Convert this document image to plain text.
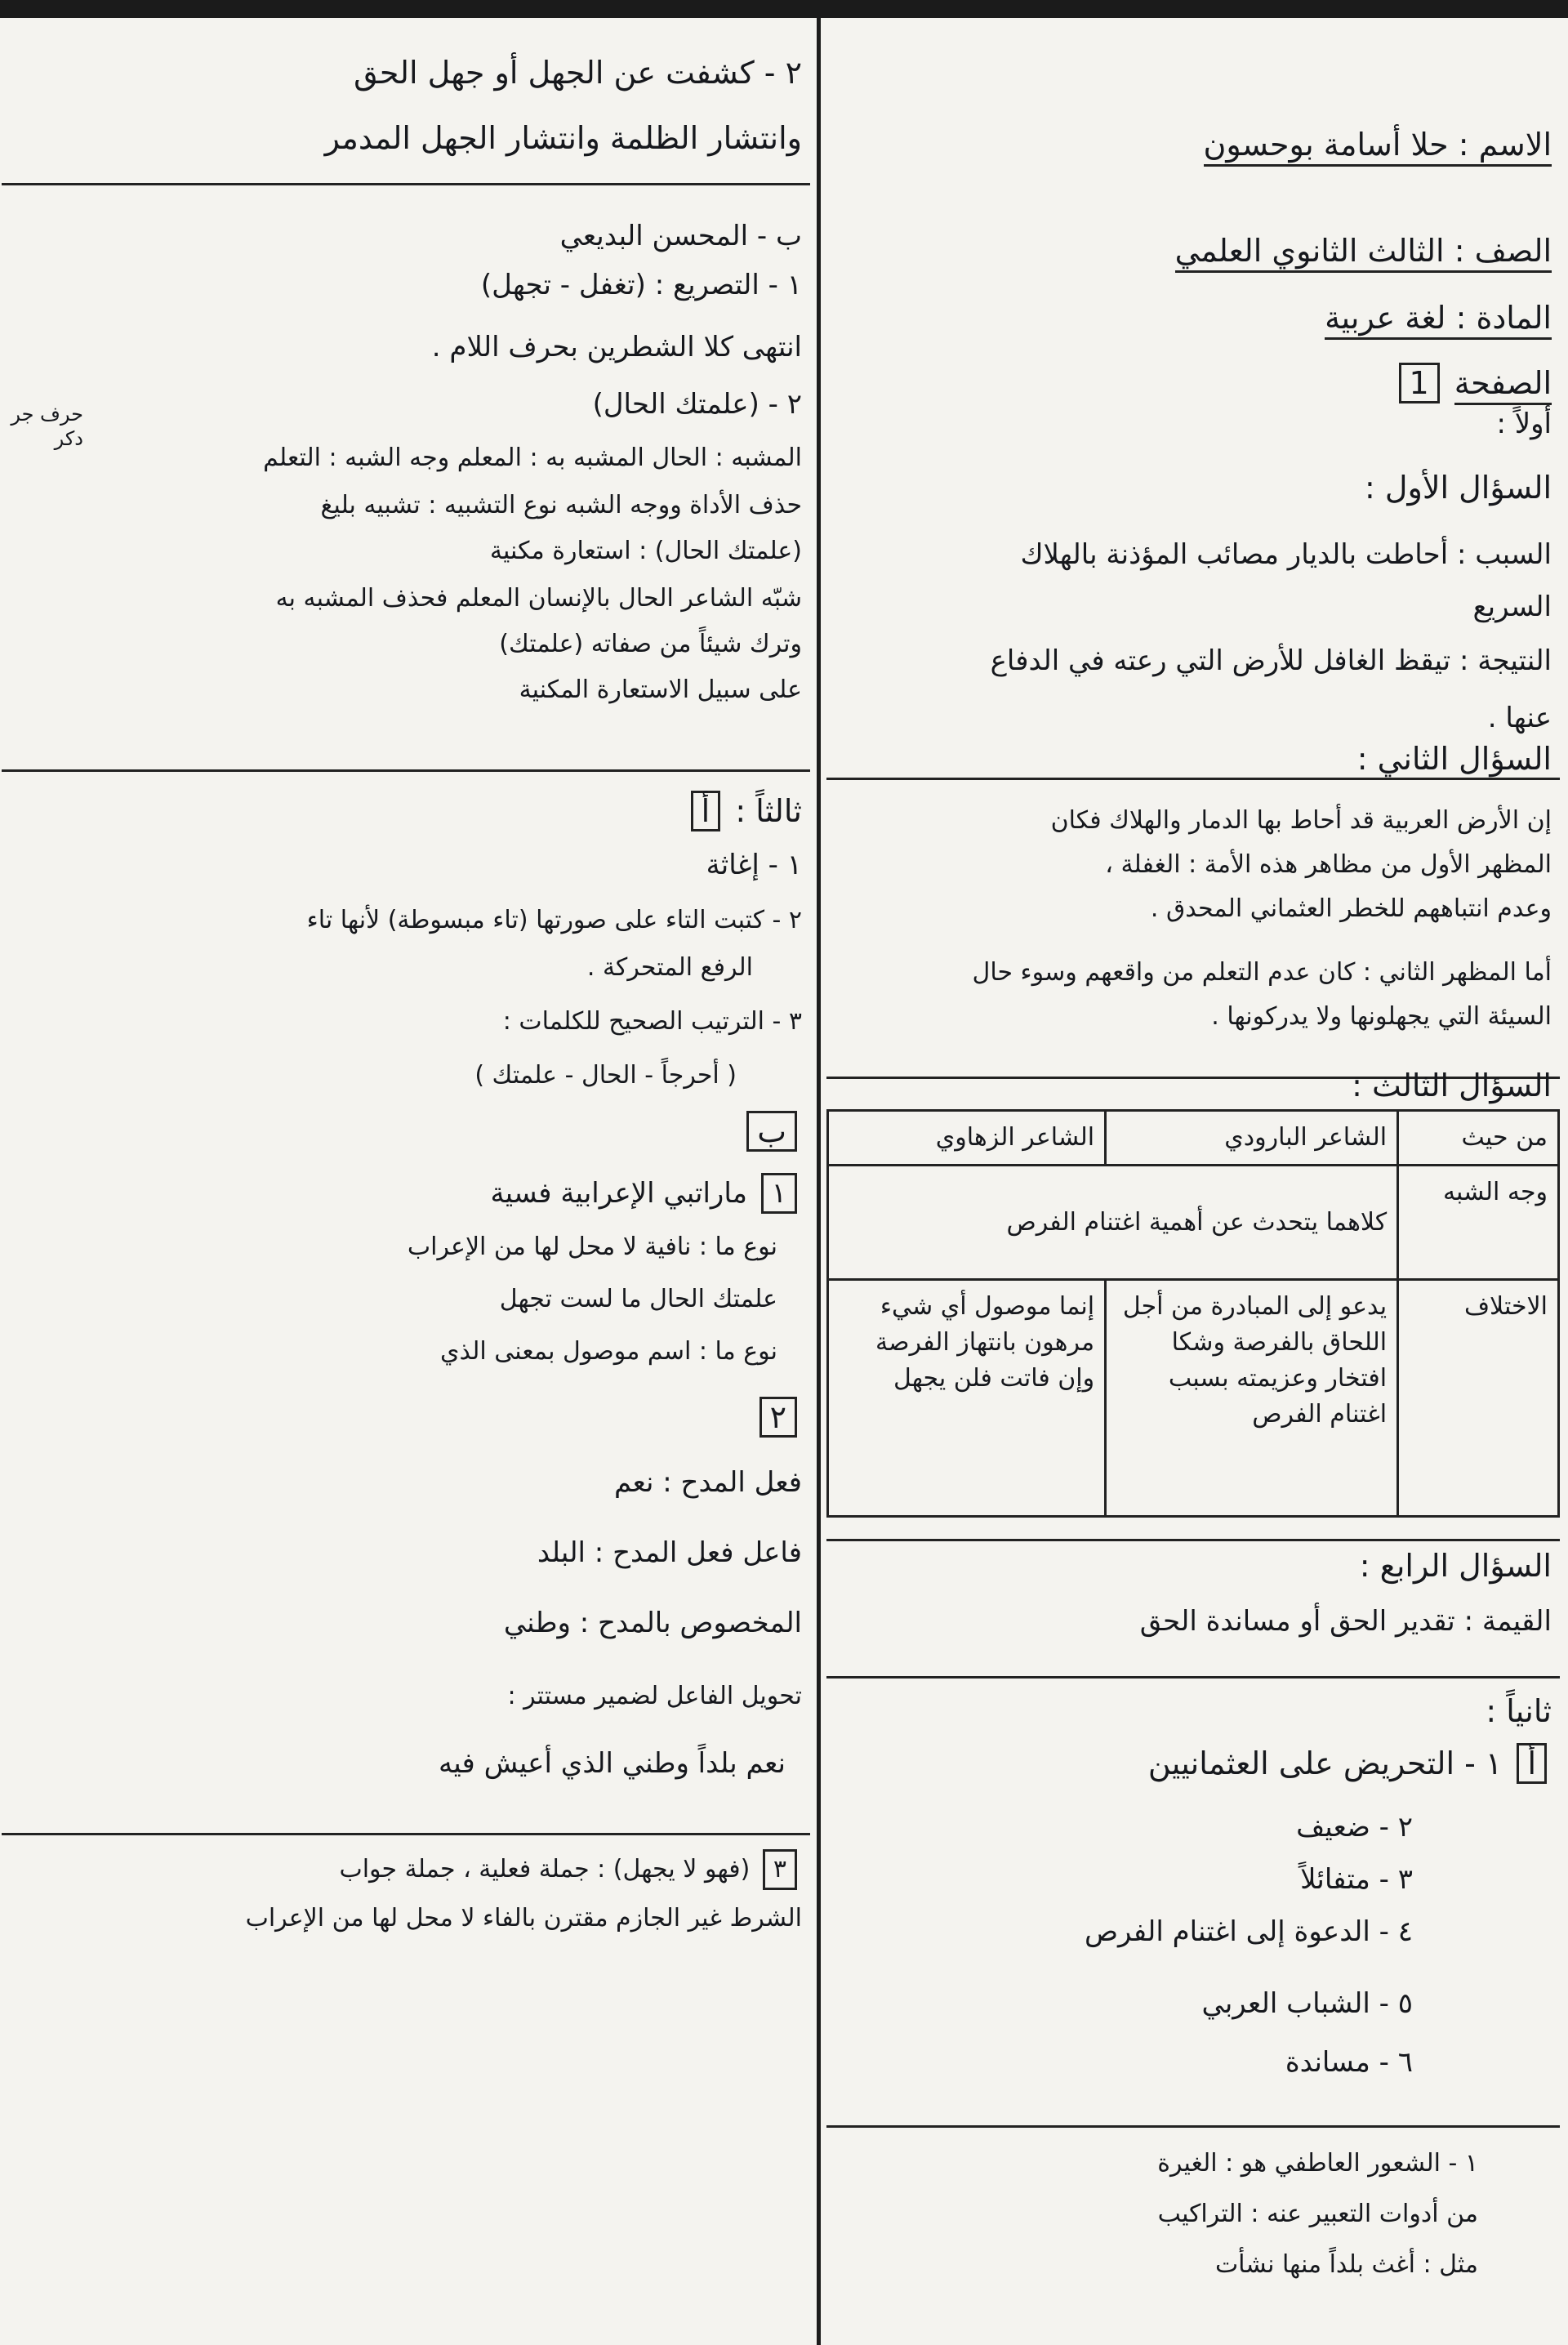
الاسم : حلا أسامة بوحسون
الصف : الثالث الثانوي العلمي
المادة : لغة عربية
الصفحة 1
أولاً :
السؤال الأول :
السبب : أحاطت بالديار مصائب المؤذنة بالهلاك
السريع
النتيجة : تيقظ الغافل للأرض التي رعته في الدفاع
عنها .
السؤال الثاني :
إن الأرض العربية قد أحاط بها الدمار والهلاك فكان
المظهر الأول من مظاهر هذه الأمة : الغفلة ،
وعدم انتباههم للخطر العثماني المحدق .
أما المظهر الثاني : كان عدم التعلم من واقعهم وسوء حال
السيئة التي يجهلونها ولا يدركونها .
السؤال الثالث :
من حيث	الشاعر البارودي	الشاعر الزهاوي
وجه الشبه	كلاهما يتحدث عن أهمية اغتنام الفرص	
الاختلاف	يدعو إلى المبادرة من أجل اللحاق بالفرصة وشكا افتخار وعزيمته بسبب اغتنام الفرص	إنما موصول أي شيء مرهون بانتهاز الفرصة وإن فاتت فلن يجهل
السؤال الرابع :
القيمة : تقدير الحق أو مساندة الحق
ثانياً :
أ ١ - التحريض على العثمانيين
٢ - ضعيف
٣ - متفائلاً
٤ - الدعوة إلى اغتنام الفرص
٥ - الشباب العربي
٦ - مساندة
١ - الشعور العاطفي هو : الغيرة
من أدوات التعبير عنه : التراكيب
مثل : أغث بلداً منها نشأت
٢ - كشفت عن الجهل أو جهل الحق
وانتشار الظلمة وانتشار الجهل المدمر
ب - المحسن البديعي
١ - التصريع : (تغفل - تجهل)
انتهى كلا الشطرين بحرف اللام .
٢ - (علمتك الحال)
المشبه : الحال المشبه به : المعلم وجه الشبه : التعلم
حذف الأداة ووجه الشبه نوع التشبيه : تشبيه بليغ
(علمتك الحال) : استعارة مكنية
شبّه الشاعر الحال بالإنسان المعلم فحذف المشبه به
وترك شيئاً من صفاته (علمتك)
على سبيل الاستعارة المكنية
حرف جر دكر
ثالثاً : أ
١ - إغاثة
٢ - كتبت التاء على صورتها (تاء مبسوطة) لأنها تاء
الرفع المتحركة .
٣ - الترتيب الصحيح للكلمات :
( أحرجاً - الحال - علمتك )
ب
١ ماراتبي الإعرابية فسية
نوع ما : نافية لا محل لها من الإعراب
علمتك الحال ما لست تجهل
نوع ما : اسم موصول بمعنى الذي
٢
فعل المدح : نعم
فاعل فعل المدح : البلد
المخصوص بالمدح : وطني
تحويل الفاعل لضمير مستتر :
نعم بلداً وطني الذي أعيش فيه
٣ (فهو لا يجهل) : جملة فعلية ، جملة جواب
الشرط غير الجازم مقترن بالفاء لا محل لها من الإعراب
